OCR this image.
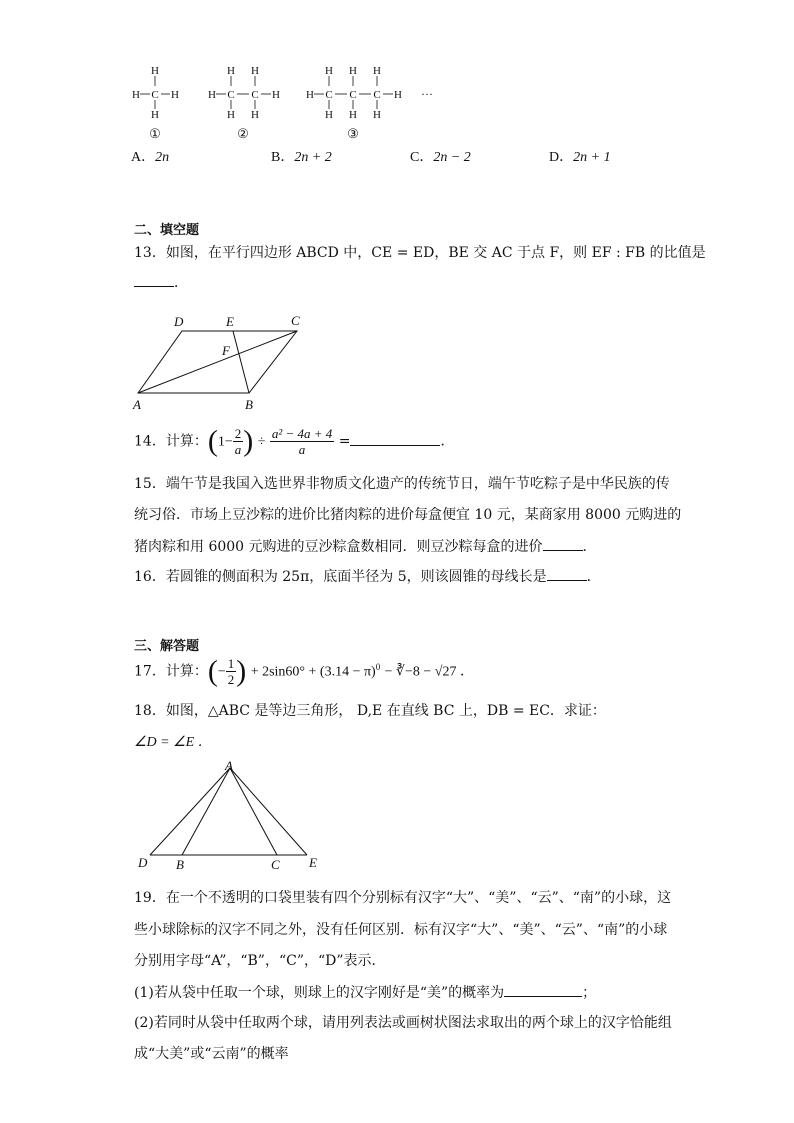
H
C
H
H	H
H
C
H
H
C
H
H	H
H
C
H
H
C
H
H
C
H
H	H ···
①	②	③
A．2n	B．2n + 2	C．2n − 2	D．2n + 1
二、填空题
13．如图，在平行四边形 ABCD 中，CE = ED，BE 交 AC 于点 F，则 EF : FB 的比值是
．
D	E	C
F
A	B
14．计算：($1- \frac{2}{a}$ ) ÷ $\frac{\text{a² − 4a + 4}}{a}$ =	．
15．端午节是我国入选世界非物质文化遗产的传统节日，端午节吃粽子是中华民族的传
统习俗．市场上豆沙粽的进价比猪肉粽的进价每盒便宜 10 元，某商家用 8000 元购进的
猪肉粽和用 6000 元购进的豆沙粽盒数相同．则豆沙粽每盒的进价	．
16．若圆锥的侧面积为 25π，底面半径为 5，则该圆锥的母线长是	．
三、解答题
17．计算：(− $\frac{1}{2}$ ) + $2\sin 60^\circ + (3.14 - \pi)^0$ − ∛−8 − √27 ．
18．如图，△ABC 是等边三角形， D,E 在直线 BC 上，DB = EC．求证：
∠D = ∠E ．
A
D B	C E
19．在一个不透明的口袋里装有四个分别标有汉字“大”、“美”、“云”、“南”的小球，这
些小球除标的汉字不同之外，没有任何区别．标有汉字“大”、“美”、“云”、“南”的小球
分别用字母“A”，“B”，“C”，“D”表示．
(1)若从袋中任取一个球，则球上的汉字刚好是“美”的概率为	；
(2)若同时从袋中任取两个球，请用列表法或画树状图法求取出的两个球上的汉字恰能组
成“大美”或“云南”的概率
